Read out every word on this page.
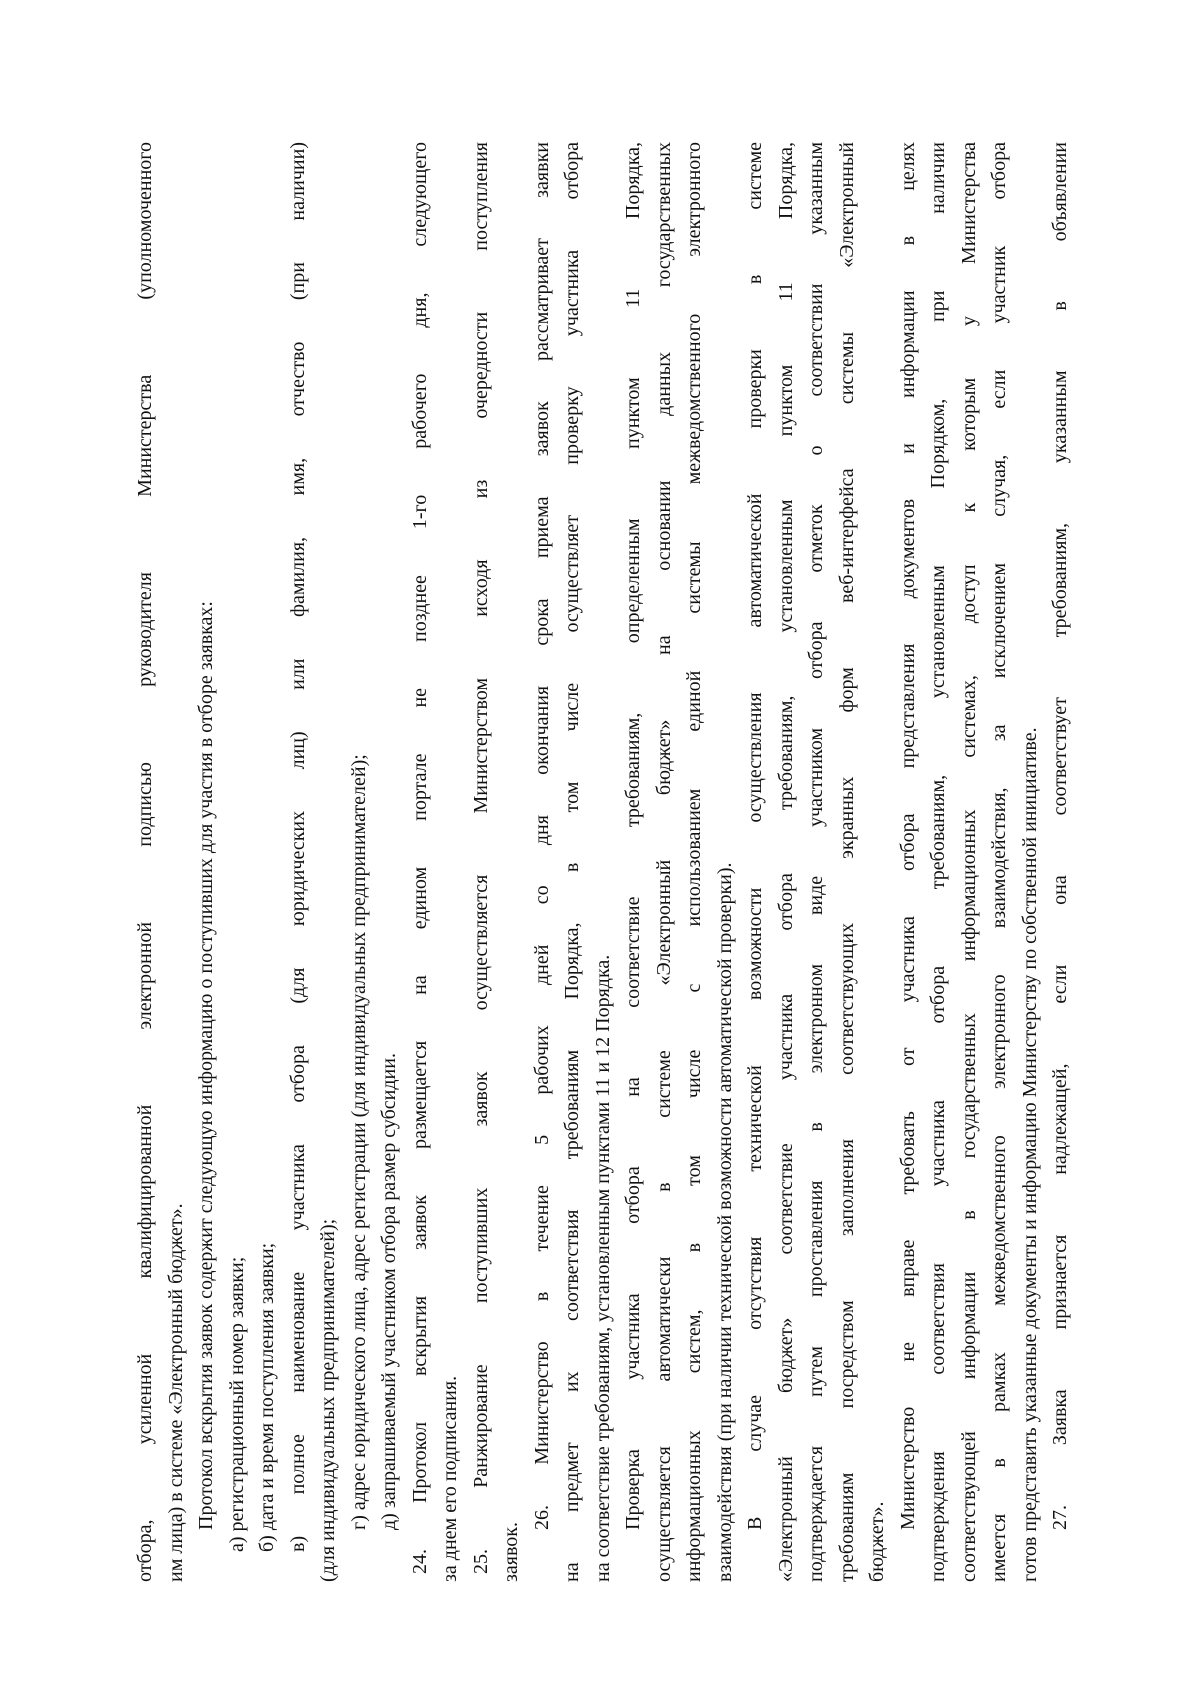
отбора, усиленной квалифицированной электронной подписью руководителя Министерства (уполномоченного им лица) в системе «Электронный бюджет». Протокол вскрытия заявок содержит следующую информацию о поступивших для участия в отборе заявках: а) регистрационный номер заявки; б) дата и время поступления заявки; в) полное наименование участника отбора (для юридических лиц) или фамилия, имя, отчество (при наличии) (для индивидуальных предпринимателей); г) адрес юридического лица, адрес регистрации (для индивидуальных предпринимателей); д) запрашиваемый участником отбора размер субсидии. 24. Протокол вскрытия заявок размещается на едином портале не позднее 1-го рабочего дня, следующего за днем его подписания. 25. Ранжирование поступивших заявок осуществляется Министерством исходя из очередности поступления заявок.
26. Министерство в течение 5 рабочих дней со дня окончания срока приема заявок рассматривает заявки на предмет их соответствия требованиям Порядка, в том числе осуществляет проверку участника отбора на соответствие требованиям, установленным пунктами 11 и 12 Порядка. Проверка участника отбора на соответствие требованиям, определенным пунктом 11 Порядка, осуществляется автоматически в системе «Электронный бюджет» на основании данных государственных информационных систем, в том числе с использованием единой системы межведомственного электронного взаимодействия (при наличии технической возможности автоматической проверки). В случае отсутствия технической возможности осуществления автоматической проверки в системе «Электронный бюджет» соответствие участника отбора требованиям, установленным пунктом 11 Порядка, подтверждается путем проставления в электронном виде участником отбора отметок о соответствии указанным требованиям посредством заполнения соответствующих экранных форм веб-интерфейса системы «Электронный бюджет».
Министерство не вправе требовать от участника отбора представления документов и информации в целях подтверждения соответствия участника отбора требованиям, установленным Порядком, при наличии соответствующей информации в государственных информационных системах, доступ к которым у Министерства имеется в рамках межведомственного электронного взаимодействия, за исключением случая, если участник отбора готов представить указанные документы и информацию Министерству по собственной инициативе. 27. Заявка признается надлежащей, если она соответствует требованиям, указанным в объявлении
